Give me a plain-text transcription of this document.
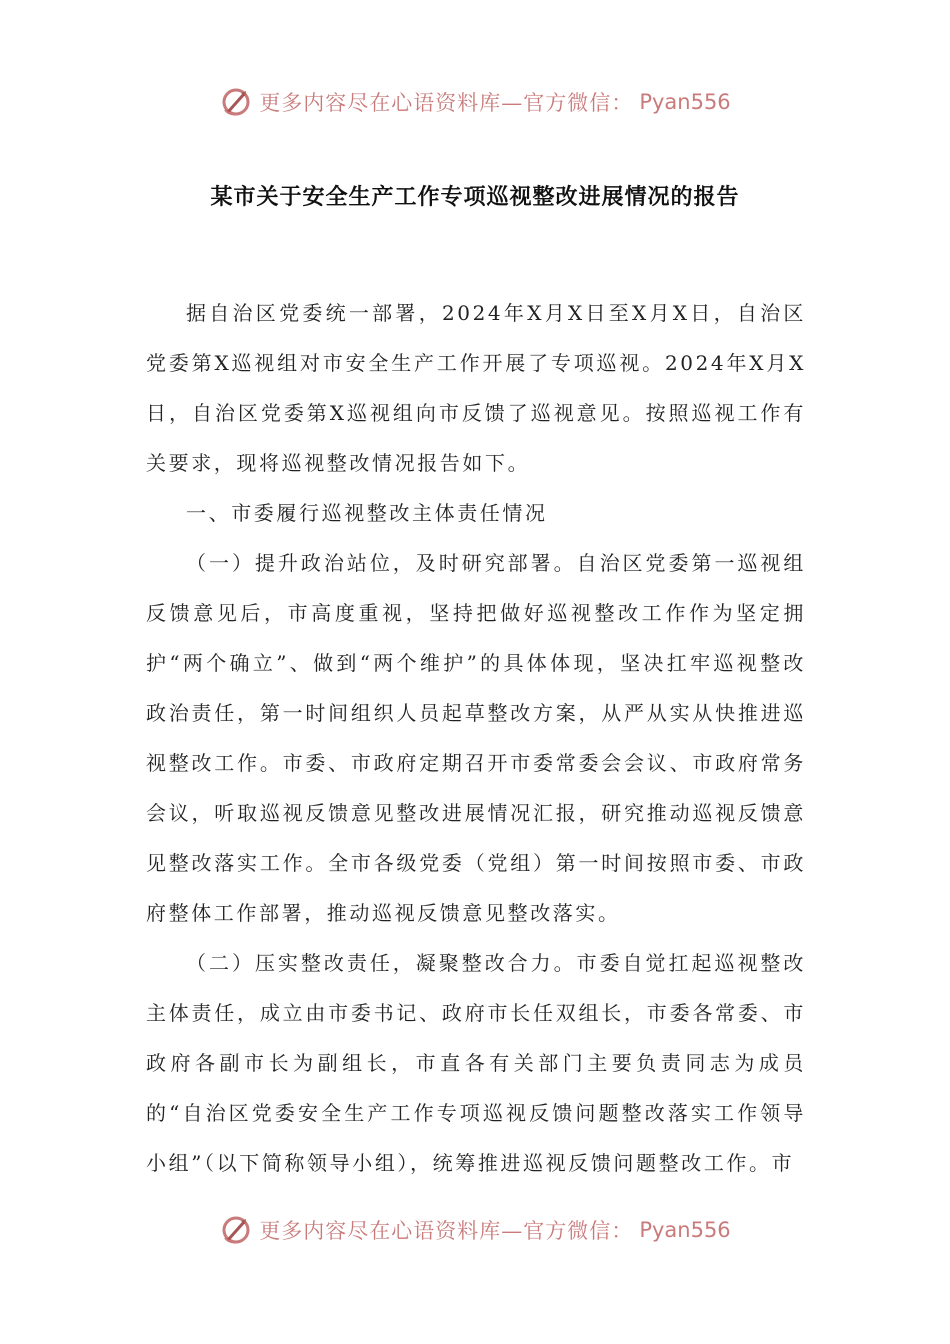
更多内容尽在心语资料库—官方微信： Pyan556
某市关于安全生产工作专项巡视整改进展情况的报告

据自治区党委统一部署，2024年X月X日至X月X日，自治区党委第X巡视组对市安全生产工作开展了专项巡视。2024年X月X日，自治区党委第X巡视组向市反馈了巡视意见。按照巡视工作有关要求，现将巡视整改情况报告如下。

一、市委履行巡视整改主体责任情况

（一）提升政治站位，及时研究部署。自治区党委第一巡视组反馈意见后，市高度重视，坚持把做好巡视整改工作作为坚定拥护“两个确立”、做到“两个维护”的具体体现，坚决扛牢巡视整改政治责任，第一时间组织人员起草整改方案，从严从实从快推进巡视整改工作。市委、市政府定期召开市委常委会会议、市政府常务会议，听取巡视反馈意见整改进展情况汇报，研究推动巡视反馈意见整改落实工作。全市各级党委（党组）第一时间按照市委、市政府整体工作部署，推动巡视反馈意见整改落实。

（二）压实整改责任，凝聚整改合力。市委自觉扛起巡视整改主体责任，成立由市委书记、政府市长任双组长，市委各常委、市政府各副市长为副组长，市直各有关部门主要负责同志为成员的“自治区党委安全生产工作专项巡视反馈问题整改落实工作领导小组”（以下简称领导小组），统筹推进巡视反馈问题整改工作。市

更多内容尽在心语资料库—官方微信： Pyan556
